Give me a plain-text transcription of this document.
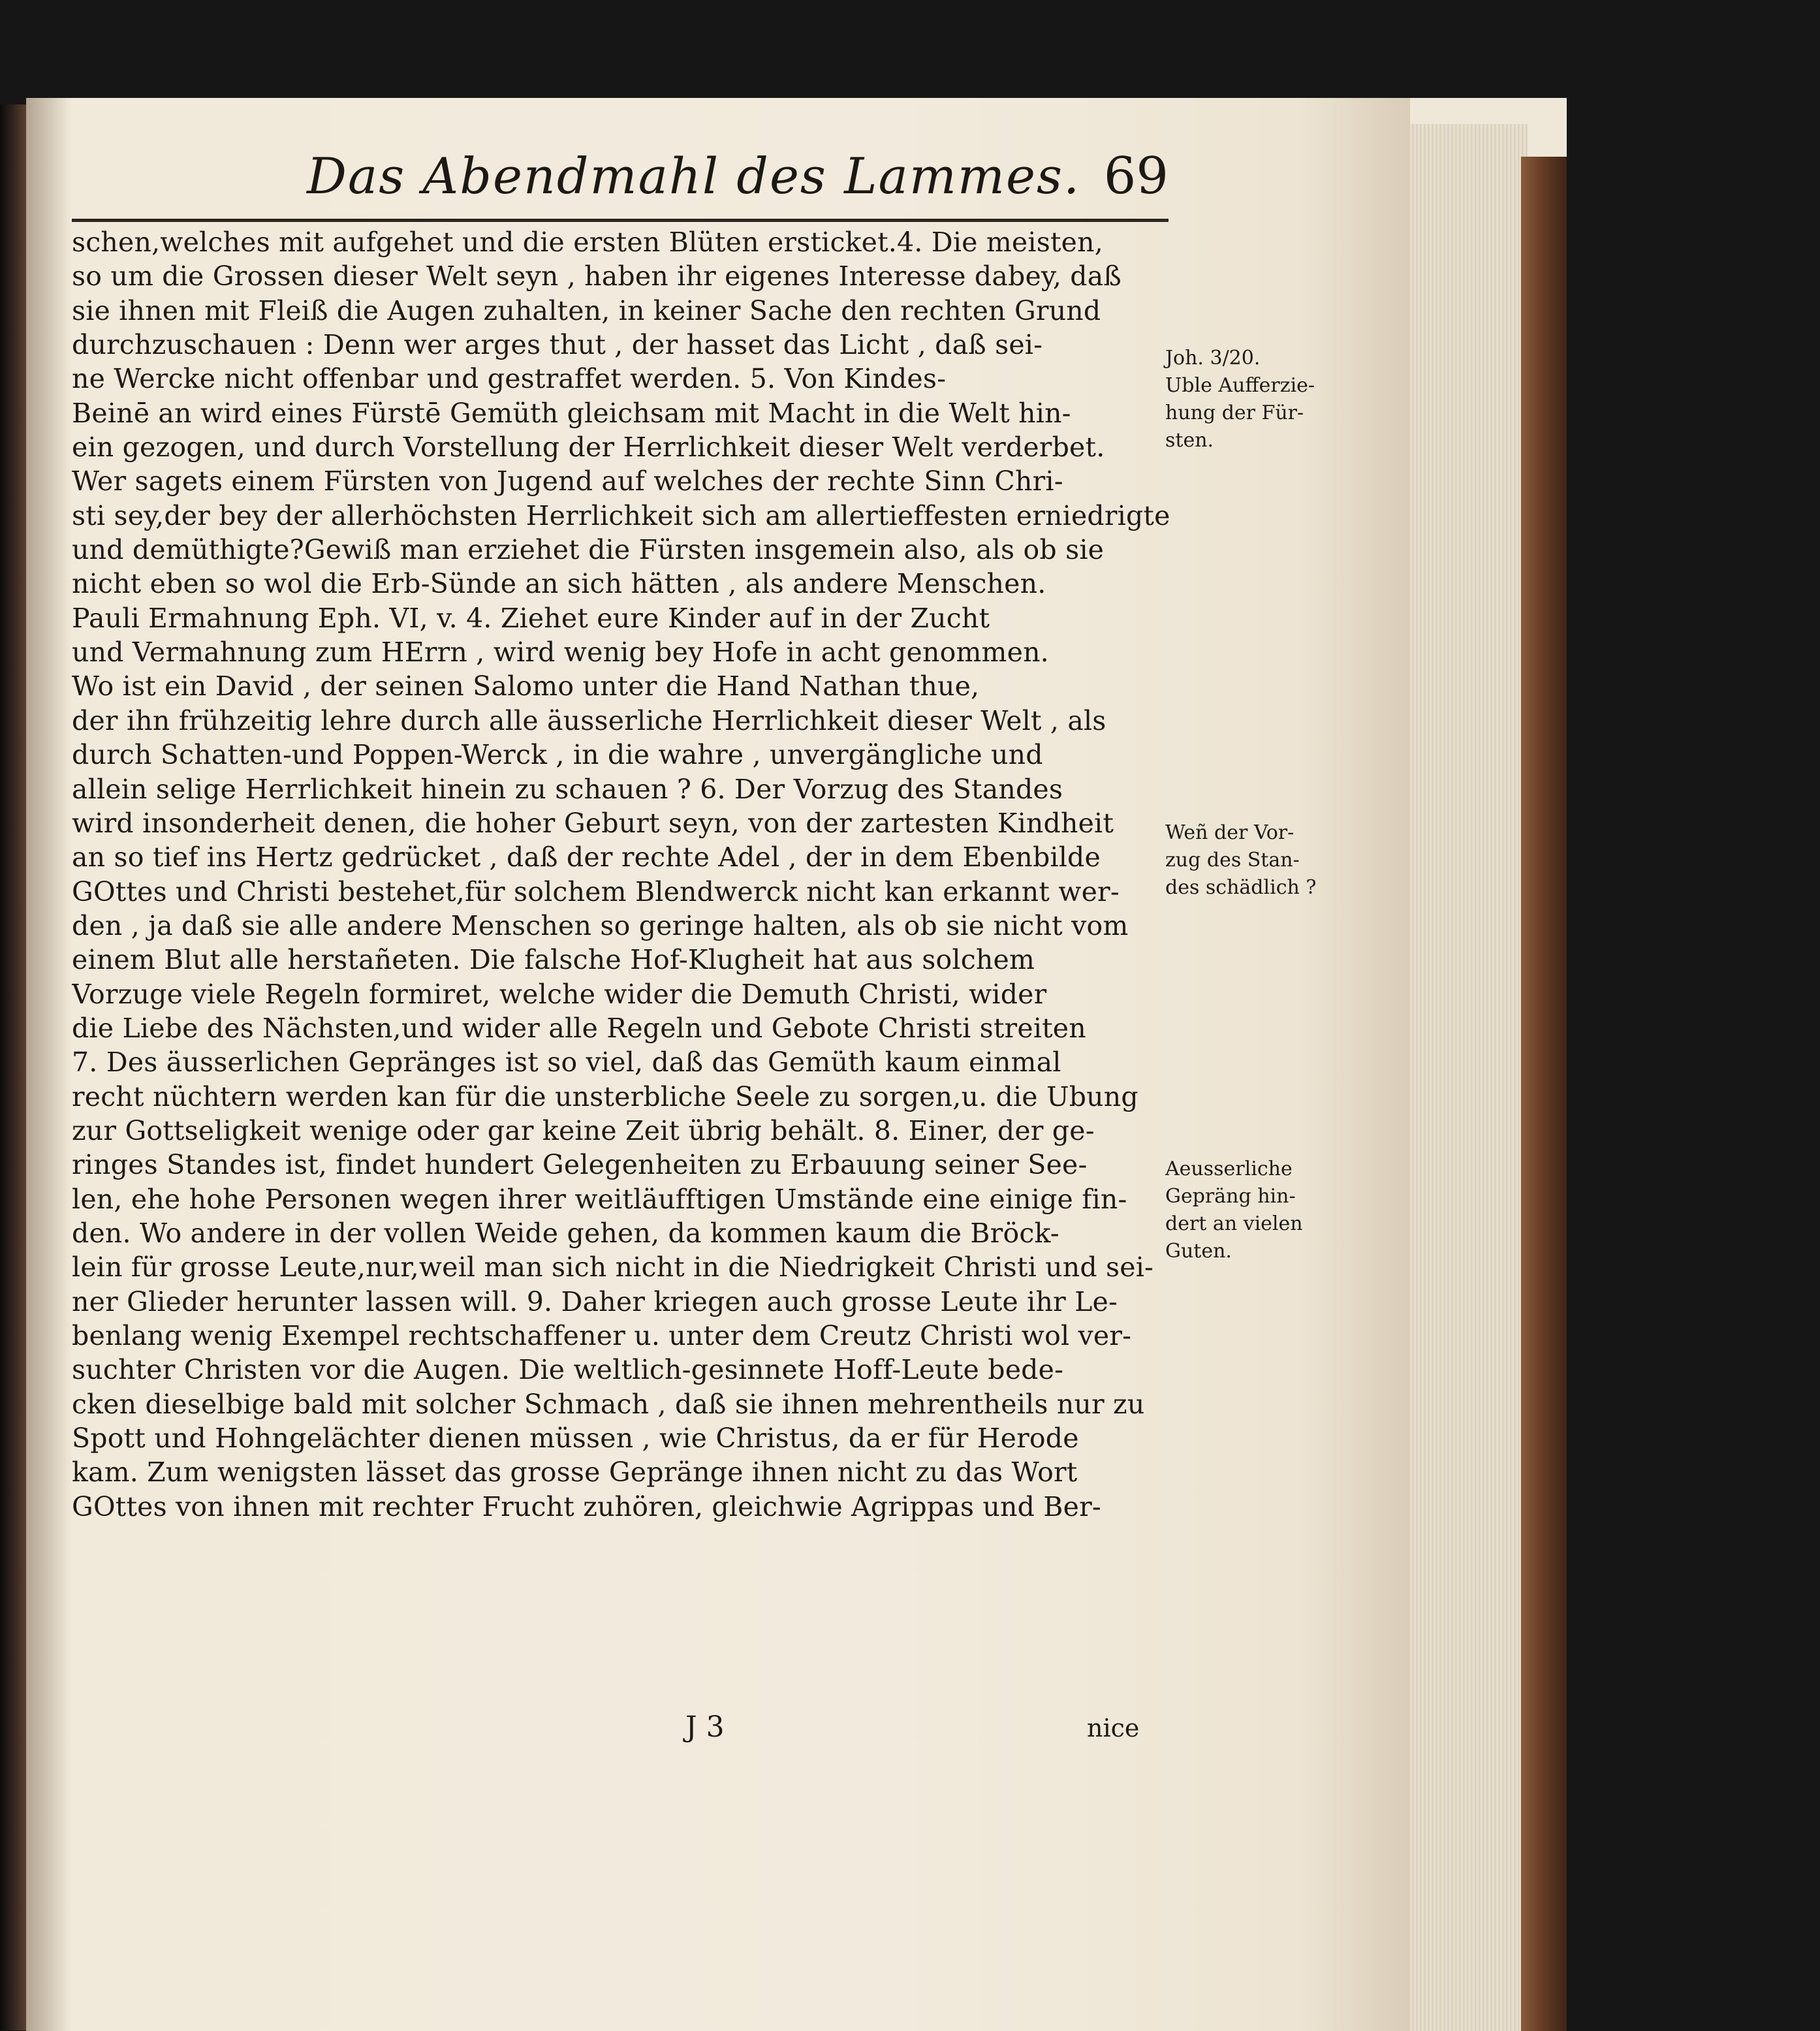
Das Abendmahl des Lammes. 69
schen,welches mit aufgehet und die ersten Blüten ersticket.4. Die meisten,
so um die Grossen dieser Welt seyn , haben ihr eigenes Interesse dabey, daß
sie ihnen mit Fleiß die Augen zuhalten, in keiner Sache den rechten Grund
durchzuschauen : Denn wer arges thut , der hasset das Licht , daß sei-
ne Wercke nicht offenbar und gestraffet werden. 5. Von Kindes-
Beinē an wird eines Fürstē Gemüth gleichsam mit Macht in die Welt hin-
ein gezogen, und durch Vorstellung der Herrlichkeit dieser Welt verderbet.
Wer sagets einem Fürsten von Jugend auf welches der rechte Sinn Chri-
sti sey,der bey der allerhöchsten Herrlichkeit sich am allertieffesten erniedrigte
und demüthigte?Gewiß man erziehet die Fürsten insgemein also, als ob sie
nicht eben so wol die Erb-Sünde an sich hätten , als andere Menschen.
Pauli Ermahnung Eph. VI, v. 4. Ziehet eure Kinder auf in der Zucht
und Vermahnung zum HErrn , wird wenig bey Hofe in acht genommen.
Wo ist ein David , der seinen Salomo unter die Hand Nathan thue,
der ihn frühzeitig lehre durch alle äusserliche Herrlichkeit dieser Welt , als
durch Schatten-und Poppen-Werck , in die wahre , unvergängliche und
allein selige Herrlichkeit hinein zu schauen ? 6. Der Vorzug des Standes
wird insonderheit denen, die hoher Geburt seyn, von der zartesten Kindheit
an so tief ins Hertz gedrücket , daß der rechte Adel , der in dem Ebenbilde
GOttes und Christi bestehet,für solchem Blendwerck nicht kan erkannt wer-
den , ja daß sie alle andere Menschen so geringe halten, als ob sie nicht vom
einem Blut alle herstañeten. Die falsche Hof-Klugheit hat aus solchem
Vorzuge viele Regeln formiret, welche wider die Demuth Christi, wider
die Liebe des Nächsten,und wider alle Regeln und Gebote Christi streiten
7. Des äusserlichen Gepränges ist so viel, daß das Gemüth kaum einmal
recht nüchtern werden kan für die unsterbliche Seele zu sorgen,u. die Ubung
zur Gottseligkeit wenige oder gar keine Zeit übrig behält. 8. Einer, der ge-
ringes Standes ist, findet hundert Gelegenheiten zu Erbauung seiner See-
len, ehe hohe Personen wegen ihrer weitläufftigen Umstände eine einige fin-
den. Wo andere in der vollen Weide gehen, da kommen kaum die Bröck-
lein für grosse Leute,nur,weil man sich nicht in die Niedrigkeit Christi und sei-
ner Glieder herunter lassen will. 9. Daher kriegen auch grosse Leute ihr Le-
benlang wenig Exempel rechtschaffener u. unter dem Creutz Christi wol ver-
suchter Christen vor die Augen. Die weltlich-gesinnete Hoff-Leute bede-
cken dieselbige bald mit solcher Schmach , daß sie ihnen mehrentheils nur zu
Spott und Hohngelächter dienen müssen , wie Christus, da er für Herode
kam. Zum wenigsten lässet das grosse Gepränge ihnen nicht zu das Wort
GOttes von ihnen mit rechter Frucht zuhören, gleichwie Agrippas und Ber-
Joh. 3/20.
Uble Aufferzie-
hung der Für-
sten.
Weñ der Vor-
zug des Stan-
des schädlich ?
Aeusserliche
Gepräng hin-
dert an vielen
Guten.
J 3	nice
